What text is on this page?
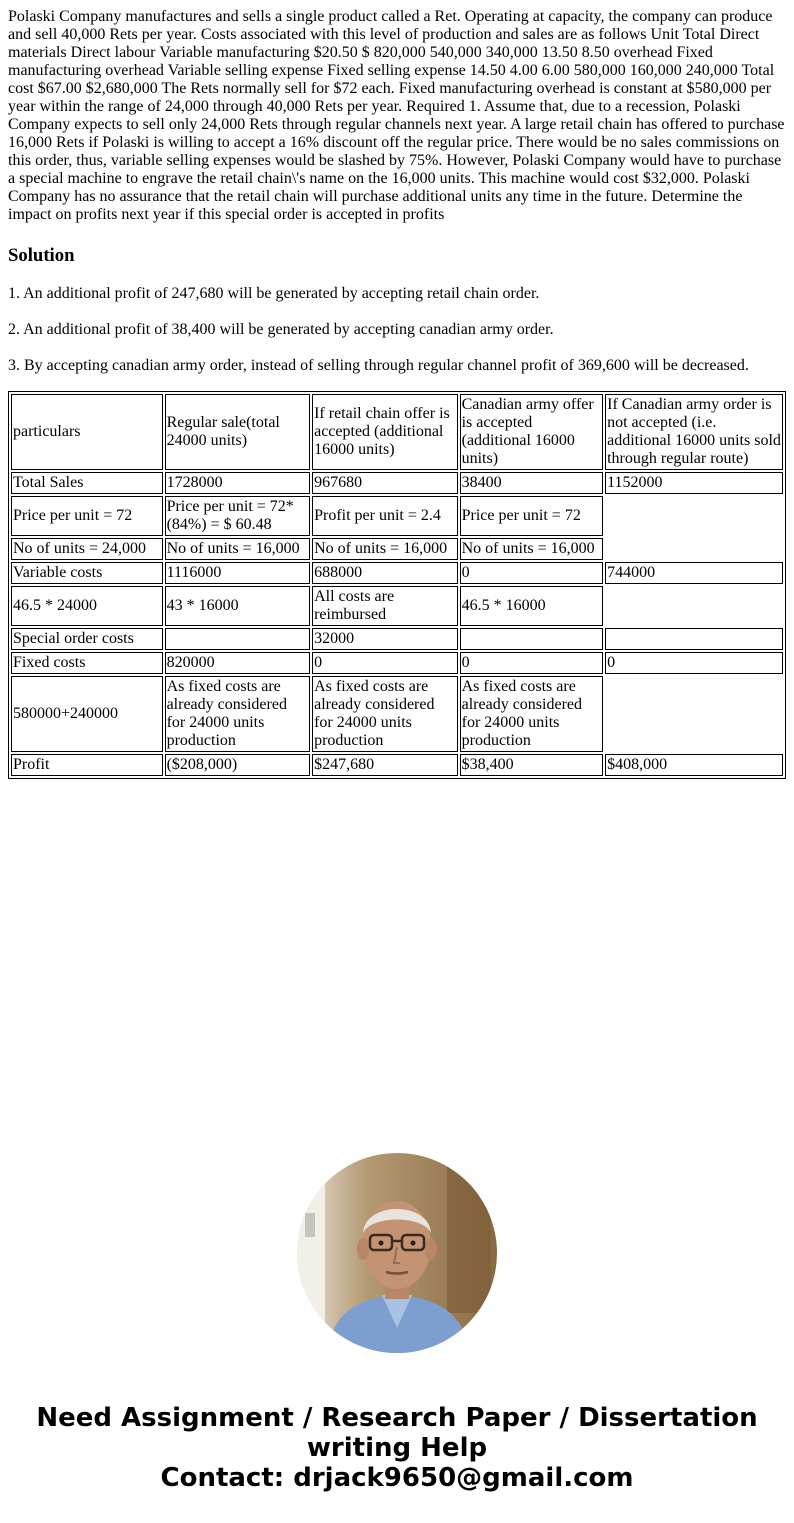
Polaski Company manufactures and sells a single product called a Ret. Operating at capacity, the company can produce and sell 40,000 Rets per year. Costs associated with this level of production and sales are as follows Unit Total Direct materials Direct labour Variable manufacturing $20.50 $ 820,000 540,000 340,000 13.50 8.50 overhead Fixed manufacturing overhead Variable selling expense Fixed selling expense 14.50 4.00 6.00 580,000 160,000 240,000 Total cost $67.00 $2,680,000 The Rets normally sell for $72 each. Fixed manufacturing overhead is constant at $580,000 per year within the range of 24,000 through 40,000 Rets per year. Required 1. Assume that, due to a recession, Polaski Company expects to sell only 24,000 Rets through regular channels next year. A large retail chain has offered to purchase 16,000 Rets if Polaski is willing to accept a 16% discount off the regular price. There would be no sales commissions on this order, thus, variable selling expenses would be slashed by 75%. However, Polaski Company would have to purchase a special machine to engrave the retail chain\'s name on the 16,000 units. This machine would cost $32,000. Polaski Company has no assurance that the retail chain will purchase additional units any time in the future. Determine the impact on profits next year if this special order is accepted in profits

Solution

1. An additional profit of 247,680 will be generated by accepting retail chain order.

2. An additional profit of 38,400 will be generated by accepting canadian army order.

3. By accepting canadian army order, instead of selling through regular channel profit of 369,600 will be decreased.

particulars	Regular sale(total 24000 units)	If retail chain offer is accepted (additional 16000 units)	Canadian army offer is accepted (additional 16000 units)	If Canadian army order is not accepted (i.e. additional 16000 units sold through regular route)
Total Sales	1728000	967680	38400	1152000
Price per unit = 72	Price per unit = 72*(84%) = $ 60.48	Profit per unit = 2.4	Price per unit = 72	
No of units = 24,000	No of units = 16,000	No of units = 16,000	No of units = 16,000	
Variable costs	1116000	688000	0	744000
46.5 * 24000	43 * 16000	All costs are reimbursed	46.5 * 16000	
Special order costs		32000		
Fixed costs	820000	0	0	0
580000+240000	As fixed costs are already considered for 24000 units production	As fixed costs are already considered for 24000 units production	As fixed costs are already considered for 24000 units production	
Profit	($208,000)	$247,680	$38,400	$408,000
Need Assignment / Research Paper / Dissertation writing Help
Contact: drjack9650@gmail.com
